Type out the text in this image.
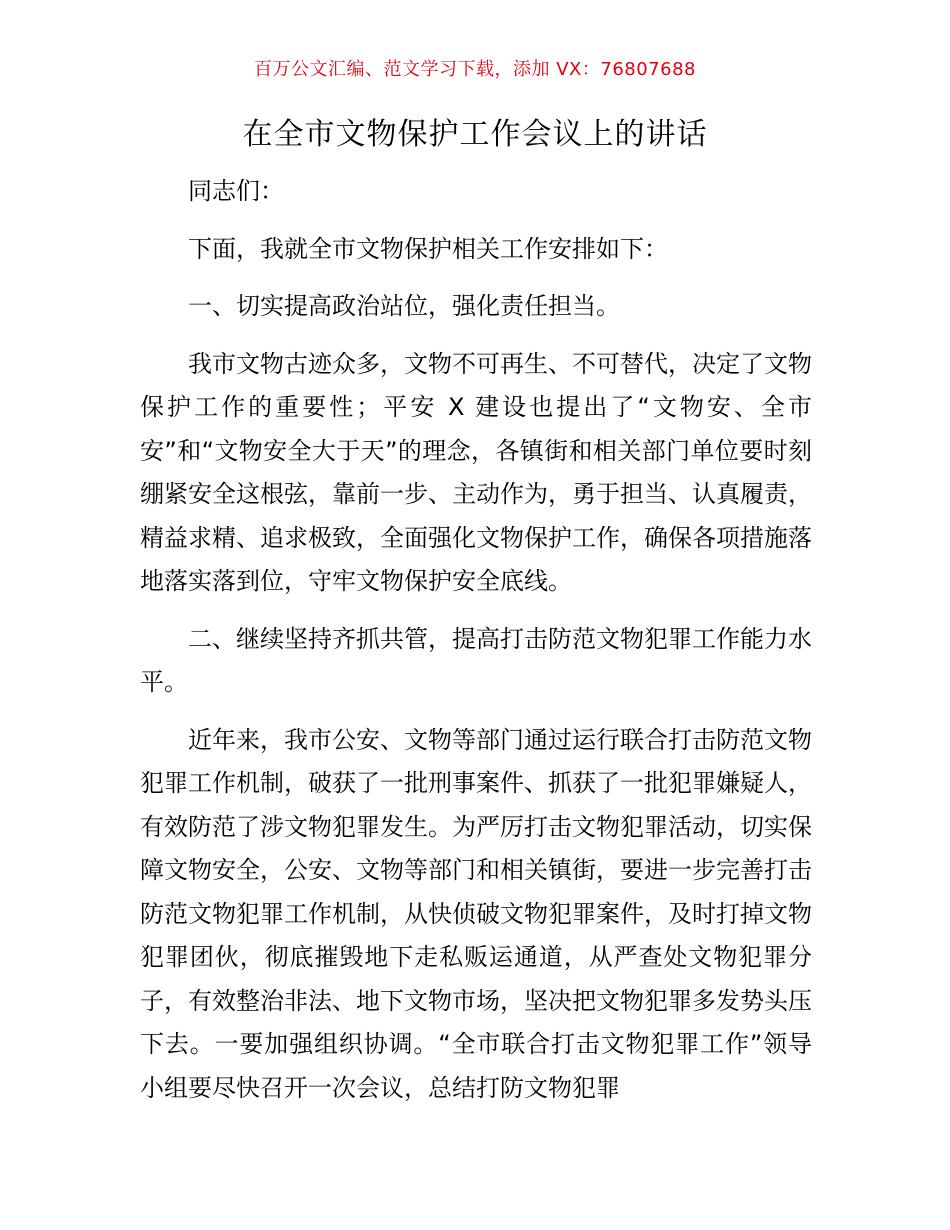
百万公文汇编、范文学习下载，添加 VX：76807688
在全市文物保护工作会议上的讲话

同志们：

下面，我就全市文物保护相关工作安排如下：

一、切实提高政治站位，强化责任担当。

我市文物古迹众多，文物不可再生、不可替代，决定了文物保护工作的重要性；平安 X 建设也提出了“文物安、全市安”和“文物安全大于天”的理念，各镇街和相关部门单位要时刻绷紧安全这根弦，靠前一步、主动作为，勇于担当、认真履责，精益求精、追求极致，全面强化文物保护工作，确保各项措施落地落实落到位，守牢文物保护安全底线。

二、继续坚持齐抓共管，提高打击防范文物犯罪工作能力水平。

近年来，我市公安、文物等部门通过运行联合打击防范文物犯罪工作机制，破获了一批刑事案件、抓获了一批犯罪嫌疑人，有效防范了涉文物犯罪发生。为严厉打击文物犯罪活动，切实保障文物安全，公安、文物等部门和相关镇街，要进一步完善打击防范文物犯罪工作机制，从快侦破文物犯罪案件，及时打掉文物犯罪团伙，彻底摧毁地下走私贩运通道，从严查处文物犯罪分子，有效整治非法、地下文物市场，坚决把文物犯罪多发势头压下去。一要加强组织协调。“全市联合打击文物犯罪工作”领导小组要尽快召开一次会议，总结打防文物犯罪
